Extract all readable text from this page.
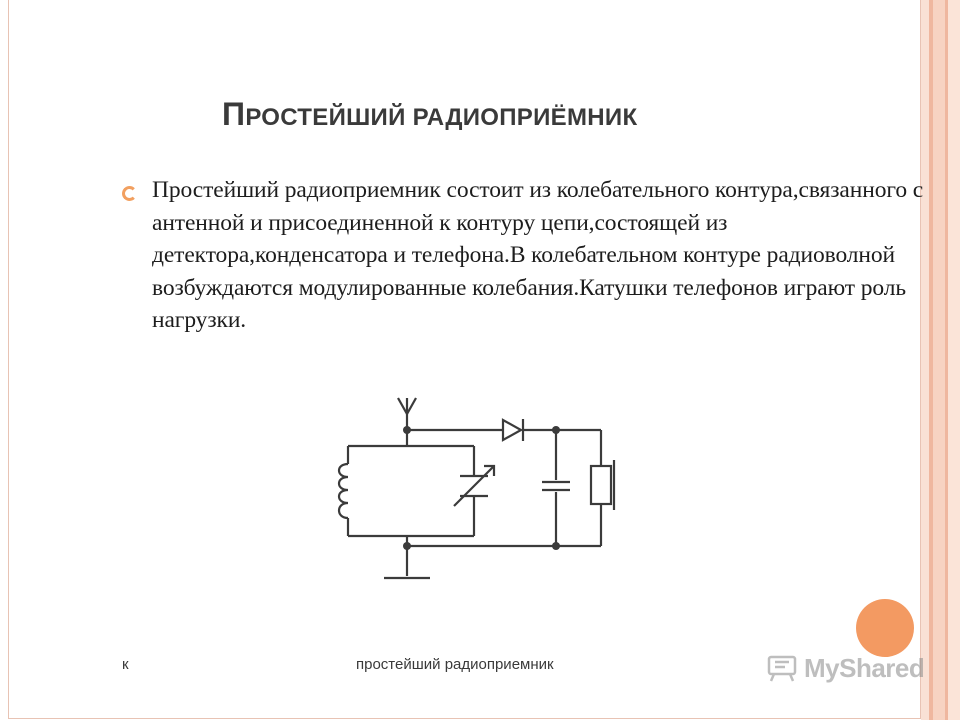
ПРОСТЕЙШИЙ РАДИОПРИЁМНИК

Простейший радиоприемник состоит из колебательного контура,связанного с антенной и присоединенной к контуру цепи,состоящей из детектора,конденсатора и телефона.В колебательном контуре радиоволной возбуждаются модулированные колебания.Катушки телефонов играют роль нагрузки.

к	простейший радиоприемник	MyShared
